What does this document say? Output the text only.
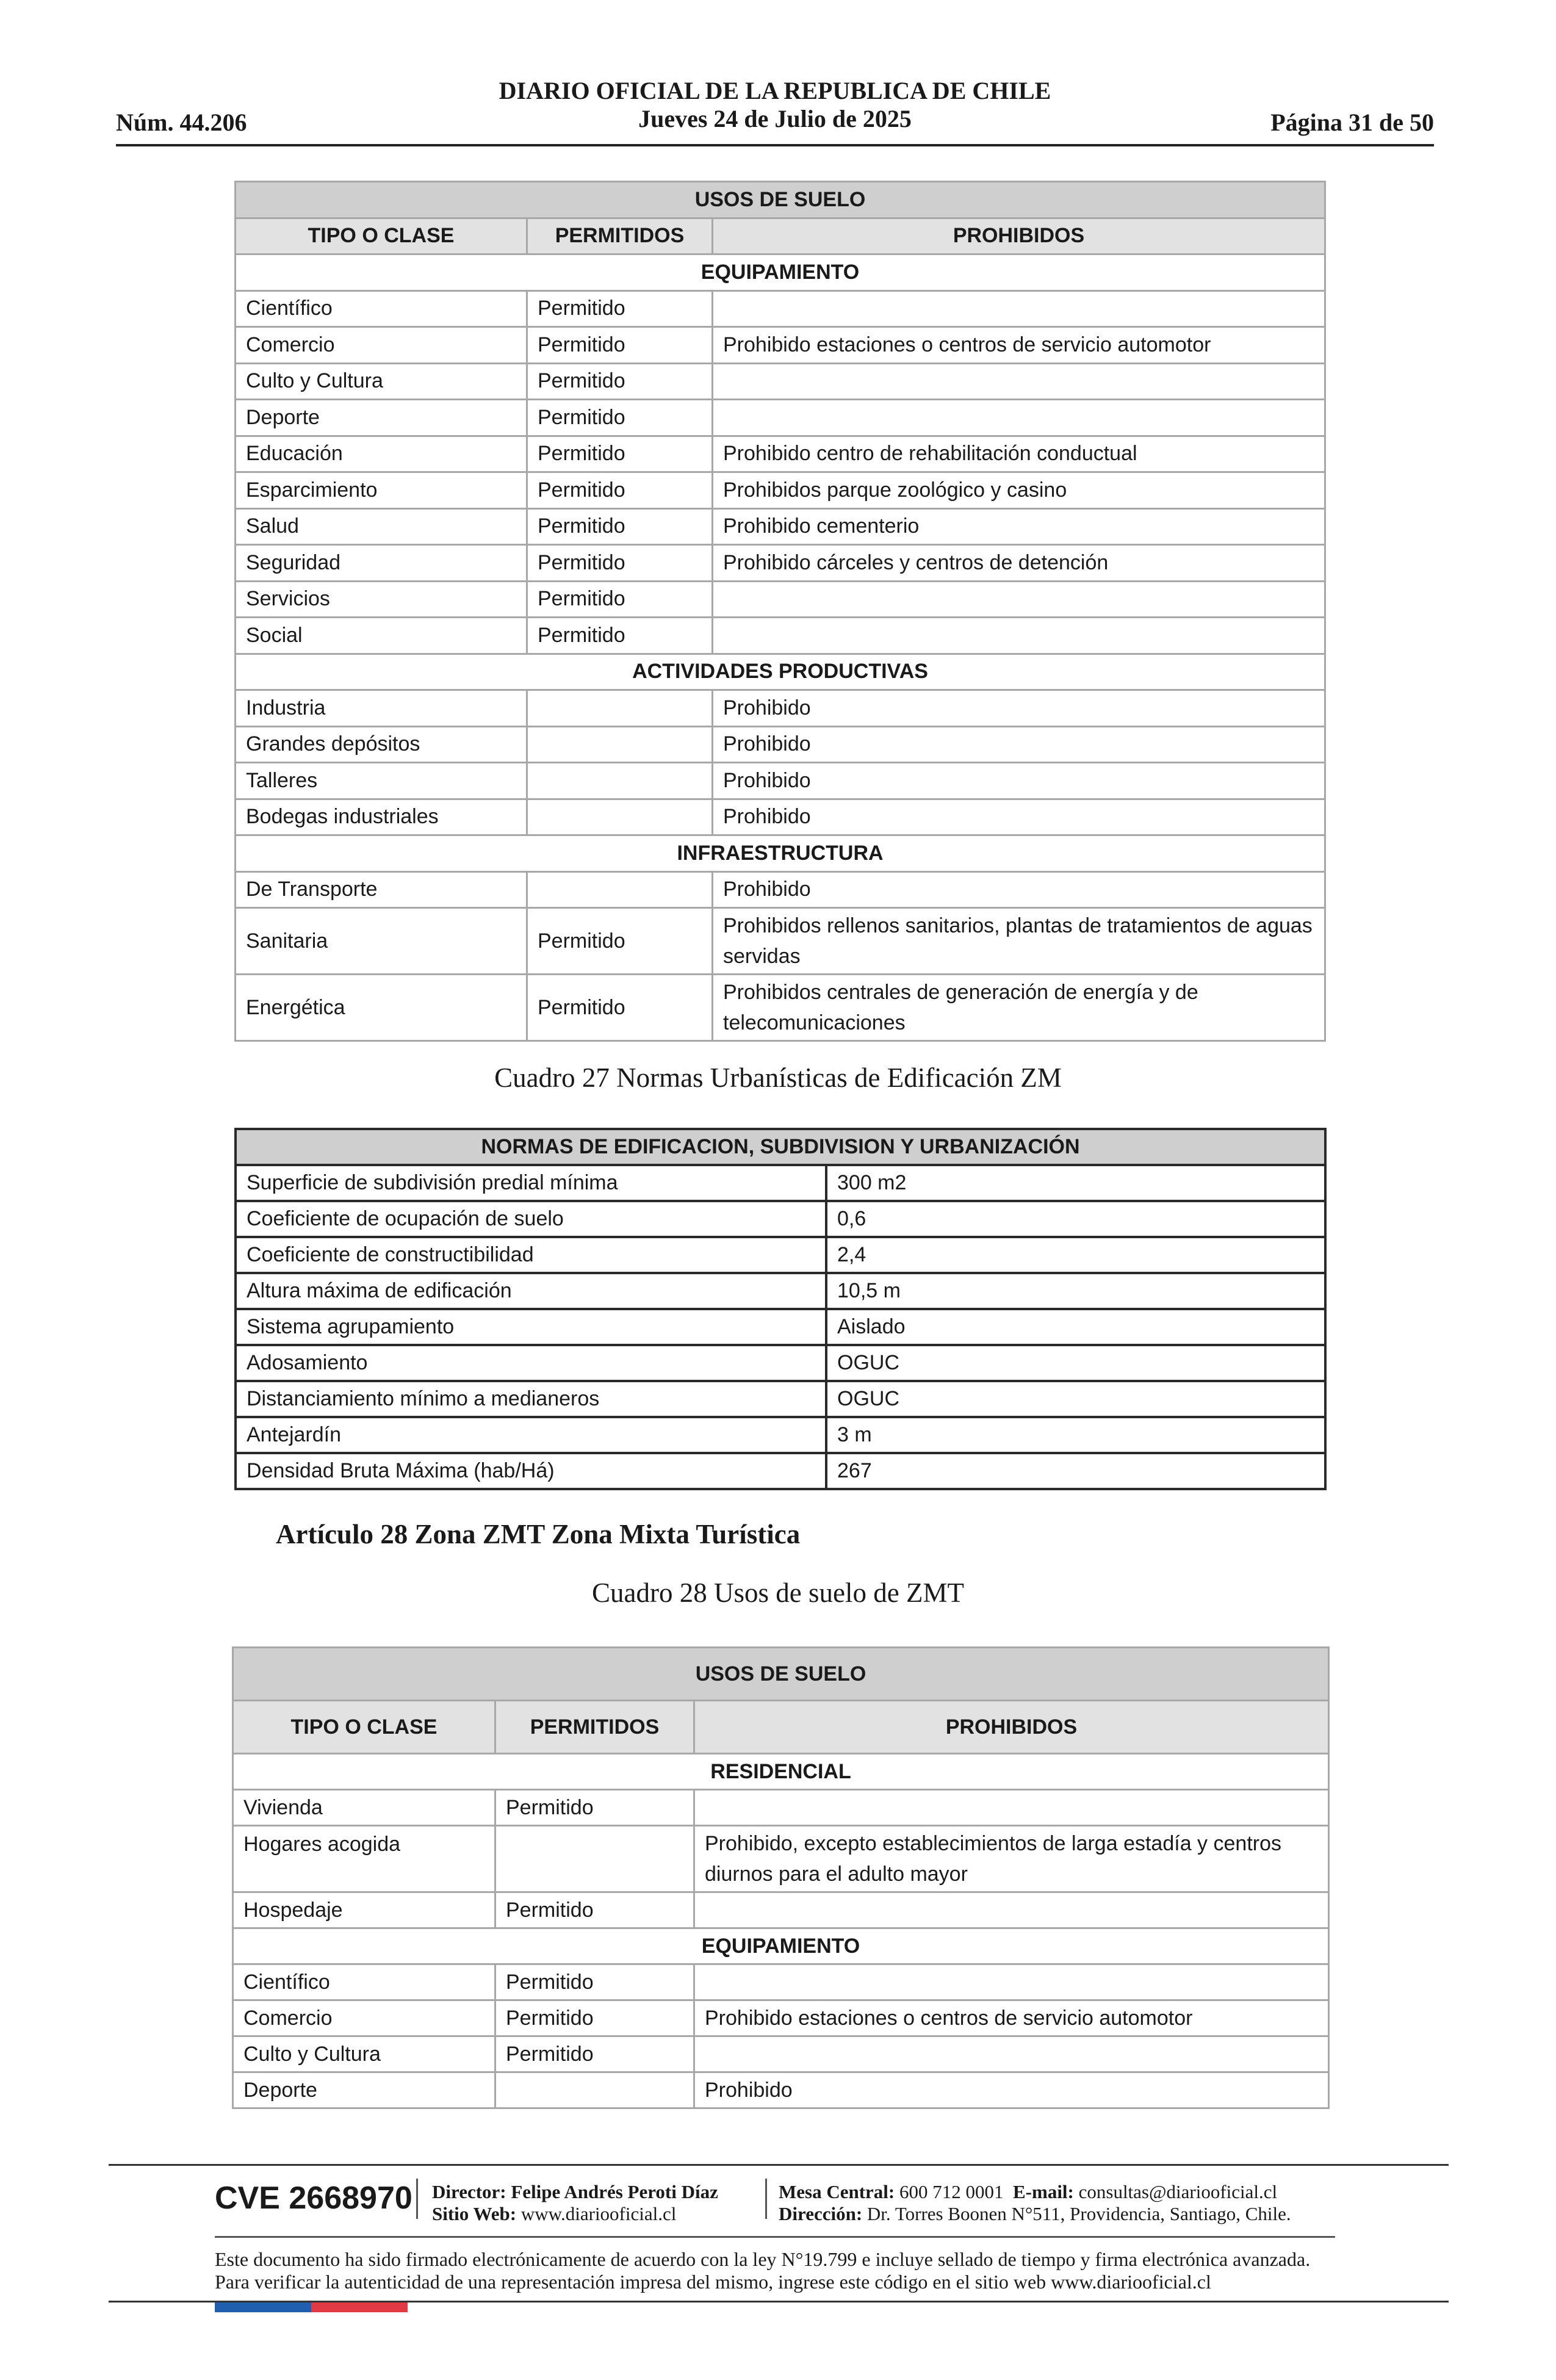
DIARIO OFICIAL DE LA REPUBLICA DE CHILE
Jueves 24 de Julio de 2025
Núm. 44.206	Página 31 de 50
USOS DE SUELO		
TIPO O CLASE	PERMITIDOS	PROHIBIDOS
EQUIPAMIENTO		
Científico	Permitido	
Comercio	Permitido	Prohibido estaciones o centros de servicio automotor
Culto y Cultura	Permitido	
Deporte	Permitido	
Educación	Permitido	Prohibido centro de rehabilitación conductual
Esparcimiento	Permitido	Prohibidos parque zoológico y casino
Salud	Permitido	Prohibido cementerio
Seguridad	Permitido	Prohibido cárceles y centros de detención
Servicios	Permitido	
Social	Permitido	
ACTIVIDADES PRODUCTIVAS		
Industria		Prohibido
Grandes depósitos		Prohibido
Talleres		Prohibido
Bodegas industriales		Prohibido
INFRAESTRUCTURA		
De Transporte		Prohibido
Sanitaria	Permitido	Prohibidos rellenos sanitarios, plantas de tratamientos de aguas servidas
Energética	Permitido	Prohibidos centrales de generación de energía y de telecomunicaciones
Cuadro 27 Normas Urbanísticas de Edificación ZM
NORMAS DE EDIFICACION, SUBDIVISION Y URBANIZACIÓN	
Superficie de subdivisión predial mínima	300 m2
Coeficiente de ocupación de suelo	0,6
Coeficiente de constructibilidad	2,4
Altura máxima de edificación	10,5 m
Sistema agrupamiento	Aislado
Adosamiento	OGUC
Distanciamiento mínimo a medianeros	OGUC
Antejardín	3 m
Densidad Bruta Máxima (hab/Há)	267
Artículo 28 Zona ZMT Zona Mixta Turística
Cuadro 28 Usos de suelo de ZMT
USOS DE SUELO		
TIPO O CLASE	PERMITIDOS	PROHIBIDOS
RESIDENCIAL		
Vivienda	Permitido	
Hogares acogida		Prohibido, excepto establecimientos de larga estadía y centros diurnos para el adulto mayor
Hospedaje	Permitido	
EQUIPAMIENTO		
Científico	Permitido	
Comercio	Permitido	Prohibido estaciones o centros de servicio automotor
Culto y Cultura	Permitido	
Deporte		Prohibido
CVE 2668970 Director: Felipe Andrés Peroti Díaz
Sitio Web: www.diariooficial.cl
Mesa Central: 600 712 0001 E-mail: consultas@diariooficial.cl
Dirección: Dr. Torres Boonen N°511, Providencia, Santiago, Chile.
Este documento ha sido firmado electrónicamente de acuerdo con la ley N°19.799 e incluye sellado de tiempo y firma electrónica avanzada. Para verificar la autenticidad de una representación impresa del mismo, ingrese este código en el sitio web www.diariooficial.cl
